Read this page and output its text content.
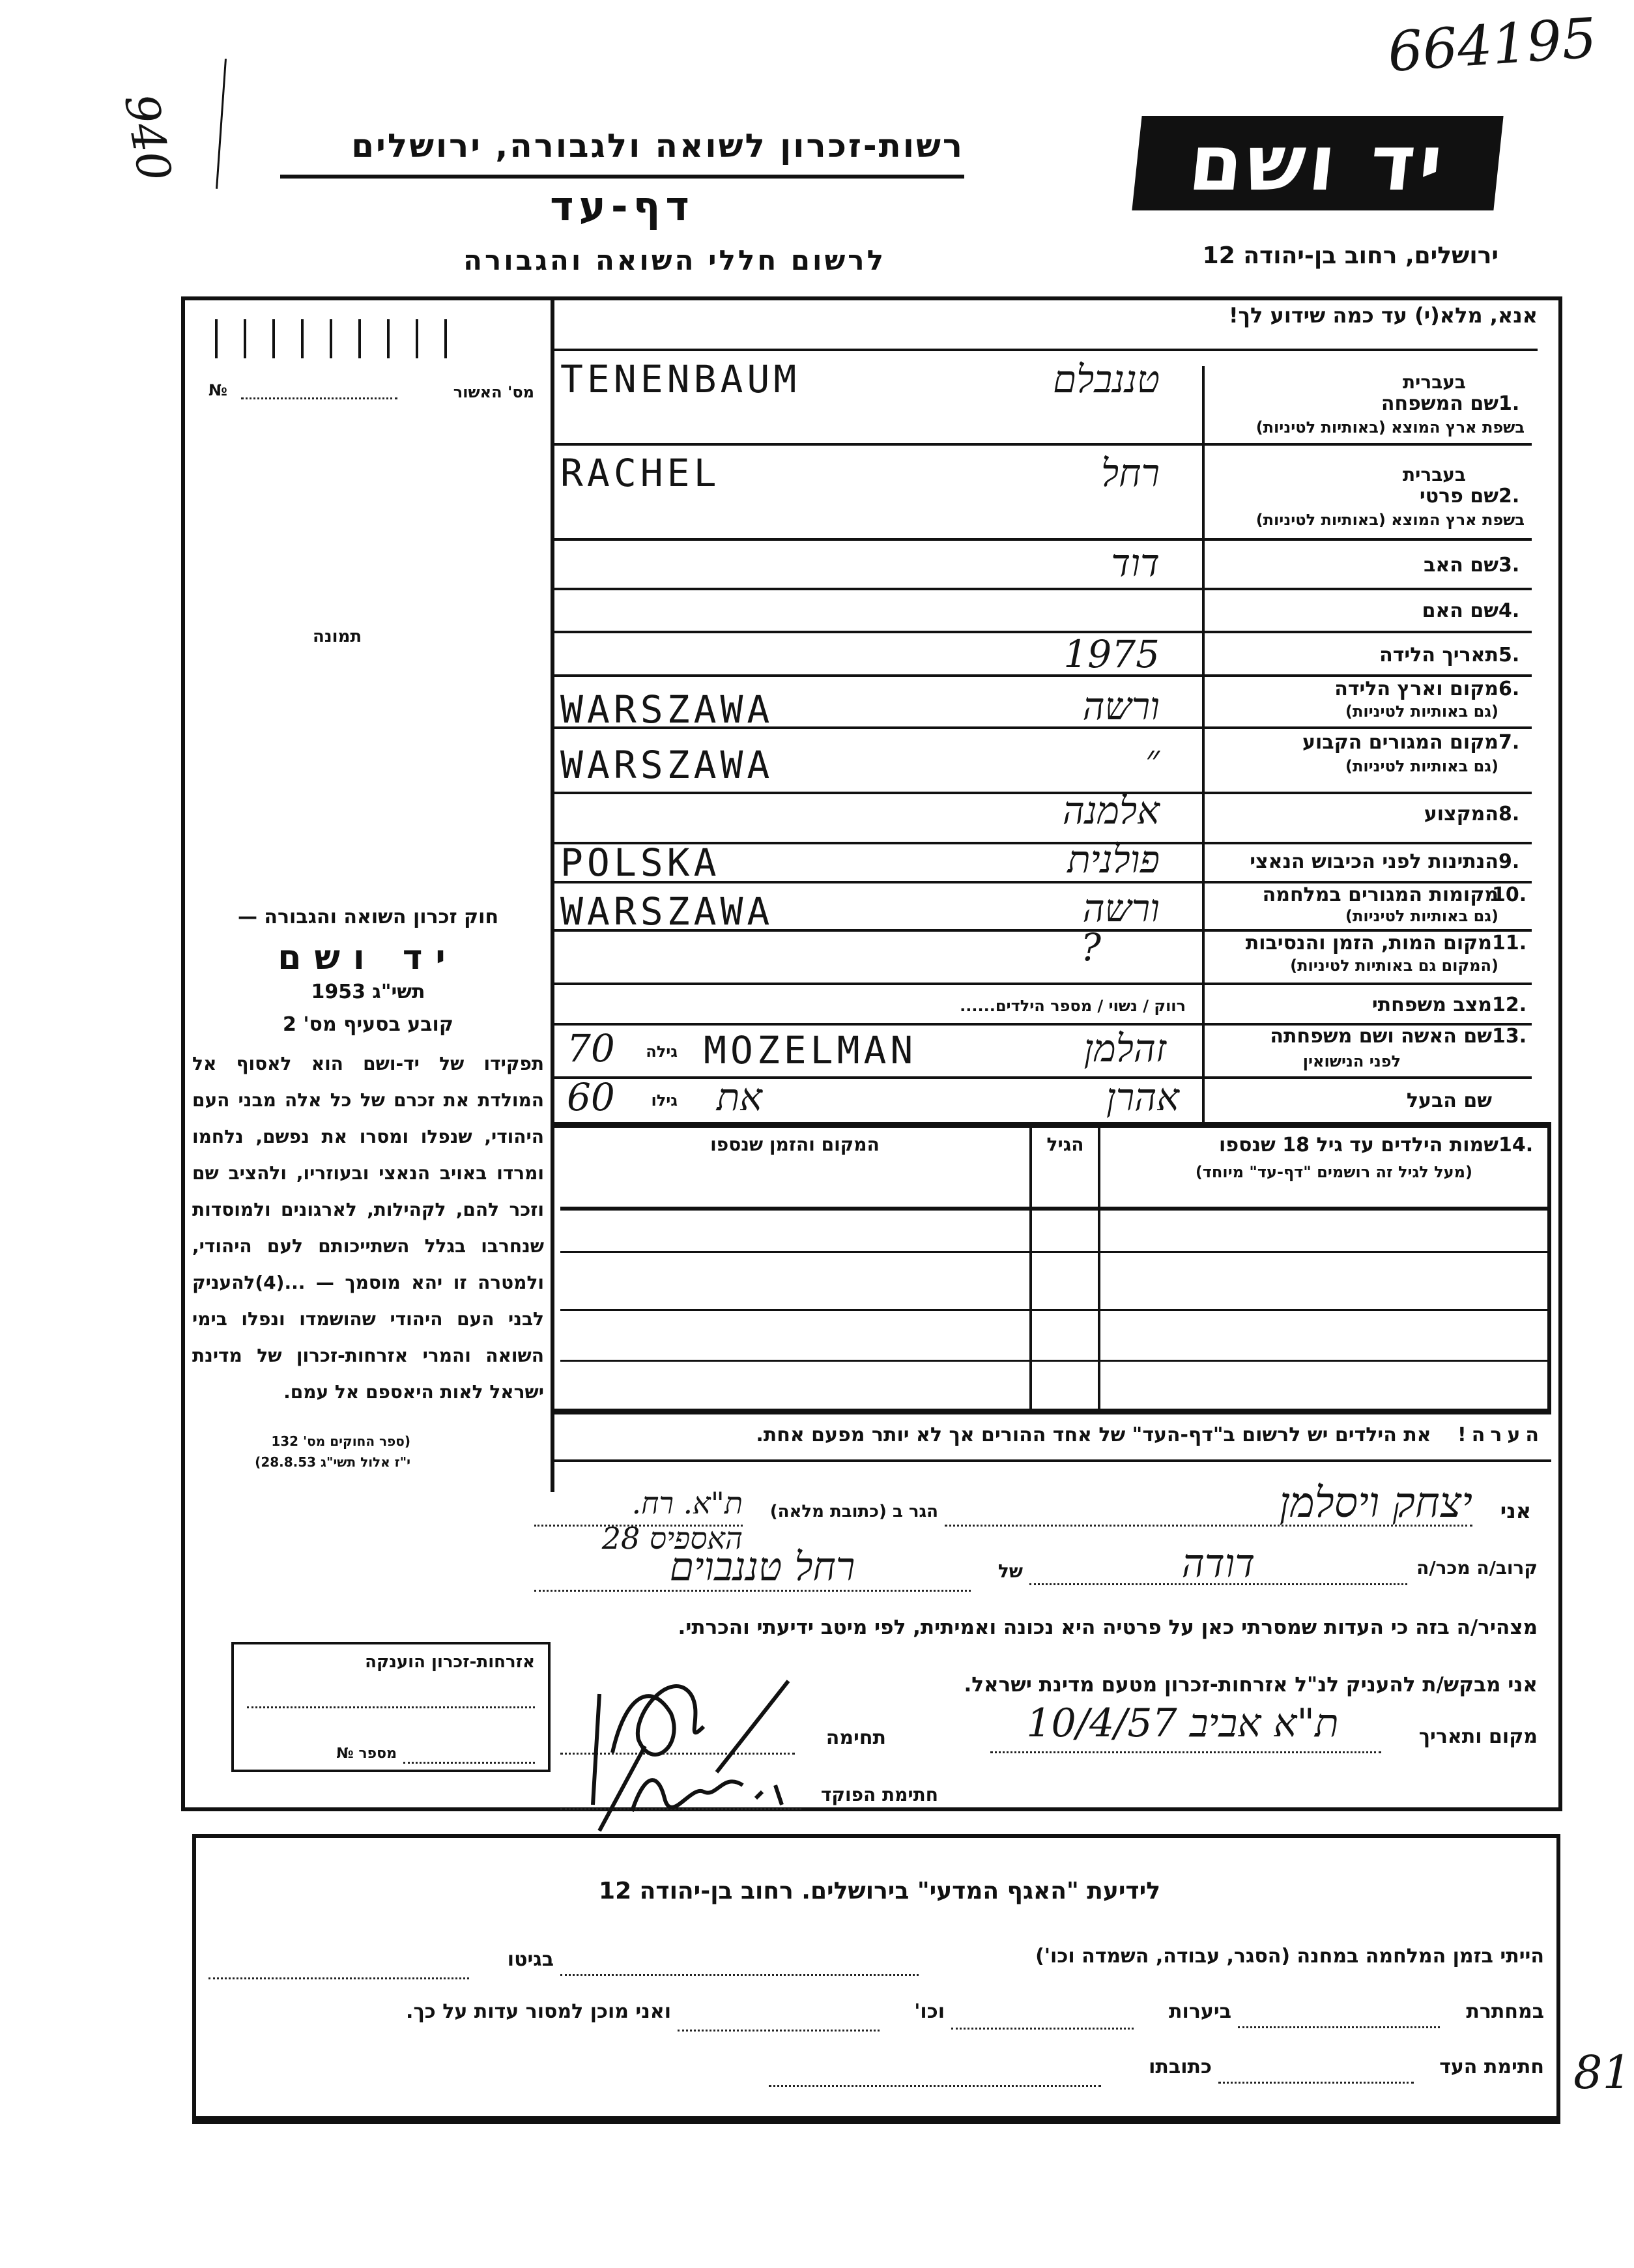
664195
940	רשות-זכרון לשואה ולגבורה, ירושלים
דף-עד
לרשום חללי השואה והגבורה
יד ושם
ירושלים, רחוב בן-יהודה 12
אנא, מלא(י) עד כמה שידוע לך!
№	מס' האשור
תמונה
חוק זכרון השואה והגבורה —
יד ושם
תשי"ג 1953
קובע בסעיף מס' 2
תפקידו של יד-ושם הוא לאסוף אל המולדת את זכרם של כל אלה מבני העם היהודי, שנפלו ומסרו את נפשם, נלחמו ומרדו באויב הנאצי ובעוזריו, ולהציב שם וזכר להם, לקהילות, לארגונים ולמוסדות שנחרבו בגלל השתייכותם לעם היהודי, ולמטרה זו יהא מוסמך — ...(4)להעניק לבני העם היהודי שהושמדו ונפלו בימי השואה והמרי אזרחות-זכרון של מדינת ישראל לאות היאספם אל עמם.
(ספר החוקים מס' 132
י"ז אלול תשי"ג 28.8.53)
בעברית
שם המשפחה 1.
בשפת ארץ המוצא (באותיות לטיניות)
TENENBAUM	טננבלם
בעברית
שם פרטי 2.
בשפת ארץ המוצא (באותיות לטיניות)
RACHEL	רחל
שם האב 3.
דוד
שם האם 4.
תאריך הלידה 5.
1975
מקום וארץ הלידה 6.
(גם באותיות לטיניות)
WARSZAWA	ורשה
מקום המגורים הקבוע 7.
(גם באותיות לטיניות)
WARSZAWA	״
המקצוע 8.
אלמנה
הנתינות לפני הכיבוש הנאצי 9.
POLSKA	פולנית
מקומות המגורים במלחמה
10.
(גם באותיות לטיניות)
WARSZAWA	ורשה
מקום המות, הזמן והנסיבות 11.
(המקום גם באותיות לטיניות)
?
מצב משפחתי 12.
רווק / נשוי / מספר הילדים......
שם האשה ושם משפחתה 13.
לפני הנישואין
70	גילה MOZELMAN	זהלמן
שם הבעל
60	גילו	את	אהרן
שמות הילדים עד גיל 18 שנספו 14.
(מעל לגיל זה רושמים "דף-עד" מיוחד)
הגיל
המקום והזמן שנספו
הערה! את הילדים יש לרשום ב"דף-העד" של אחד ההורים אך לא יותר מפעם אחת.
אני
יצחק ויסלמן
הגר ב (כתובת מלאה)
ת"א. רח. האספיס 28
קרוב/ה מכר/ה
דודה
של
רחל טננבוים
מצהיר/ה בזה כי העדות שמסרתי כאן על פרטיה היא נכונה ואמיתית, לפי מיטב ידיעתי והכרתי.
אני מבקש/ת להעניק לנ"ל אזרחות-זכרון מטעם מדינת ישראל.
מקום ותאריך
ת"א אביב 10/4/57
תחימה
חתימת הפוקד
אזרחות-זכרון הוענקה
מספר №
לידיעת "האגף המדעי" בירושלים. רחוב בן-יהודה 12
הייתי בזמן המלחמה במחנה (הסגר, עבודה, השמדה וכו')
בגיטו
במחתרת
ביערות
וכו'
ואני מוכן למסור עדות על כך.
חתימת העד
כתובתו	81
